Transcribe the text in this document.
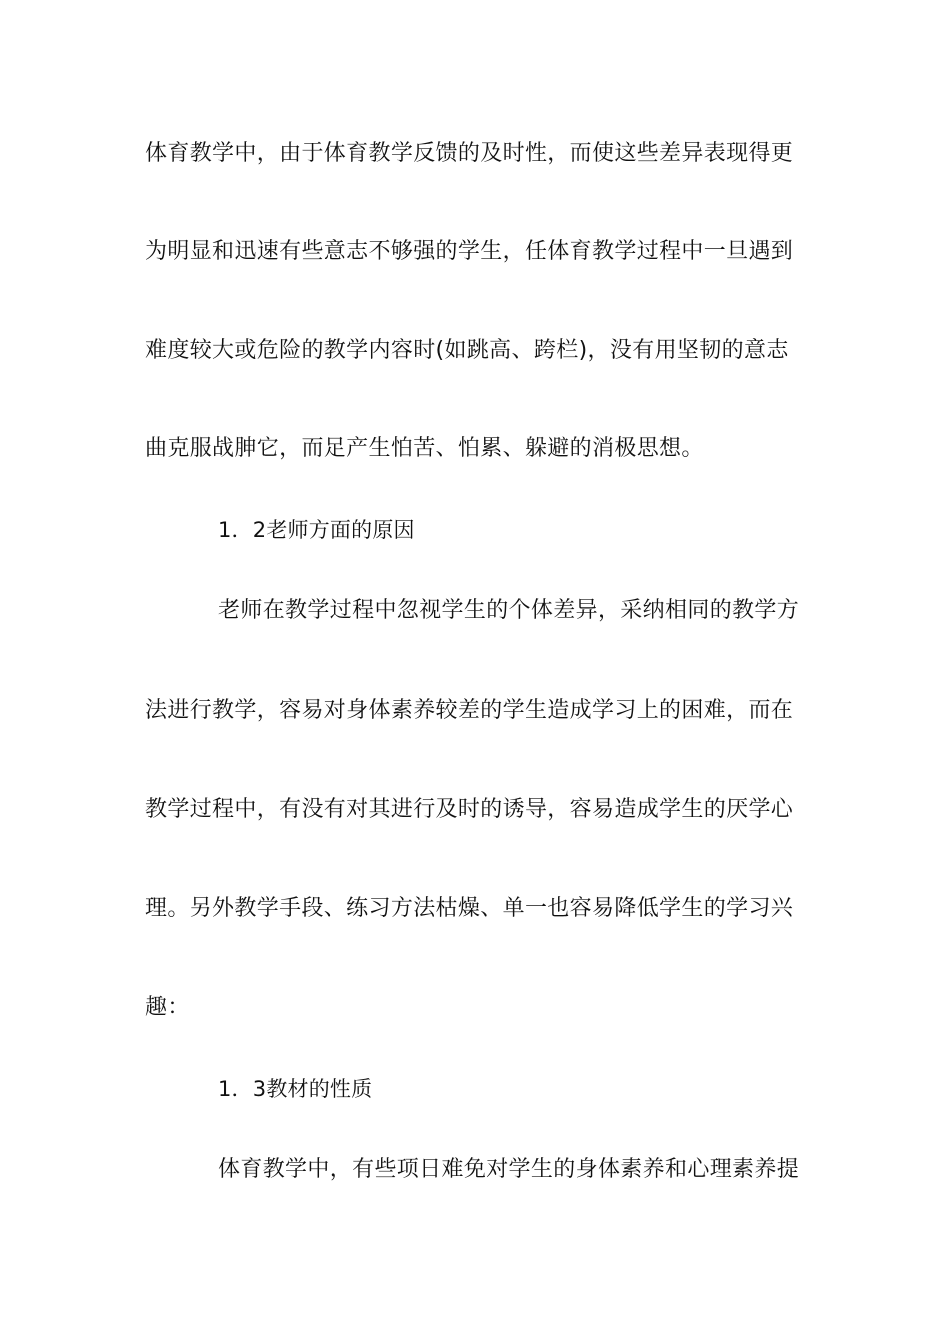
体育教学中，由于体育教学反馈的及时性，而使这些差异表现得更
为明显和迅速有些意志不够强的学生，任体育教学过程中一旦遇到
难度较大或危险的教学内容时(如跳高、跨栏)，没有用坚韧的意志
曲克服战胂它，而足产生怕苦、怕累、躲避的消极思想。
1．2老师方面的原因
老师在教学过程中忽视学生的个体差异，采纳相同的教学方
法进行教学，容易对身体素养较差的学生造成学习上的困难，而在
教学过程中，有没有对其进行及时的诱导，容易造成学生的厌学心
理。另外教学手段、练习方法枯燥、单一也容易降低学生的学习兴
趣：
1．3教材的性质
体育教学中，有些项日难免对学生的身体素养和心理素养提
